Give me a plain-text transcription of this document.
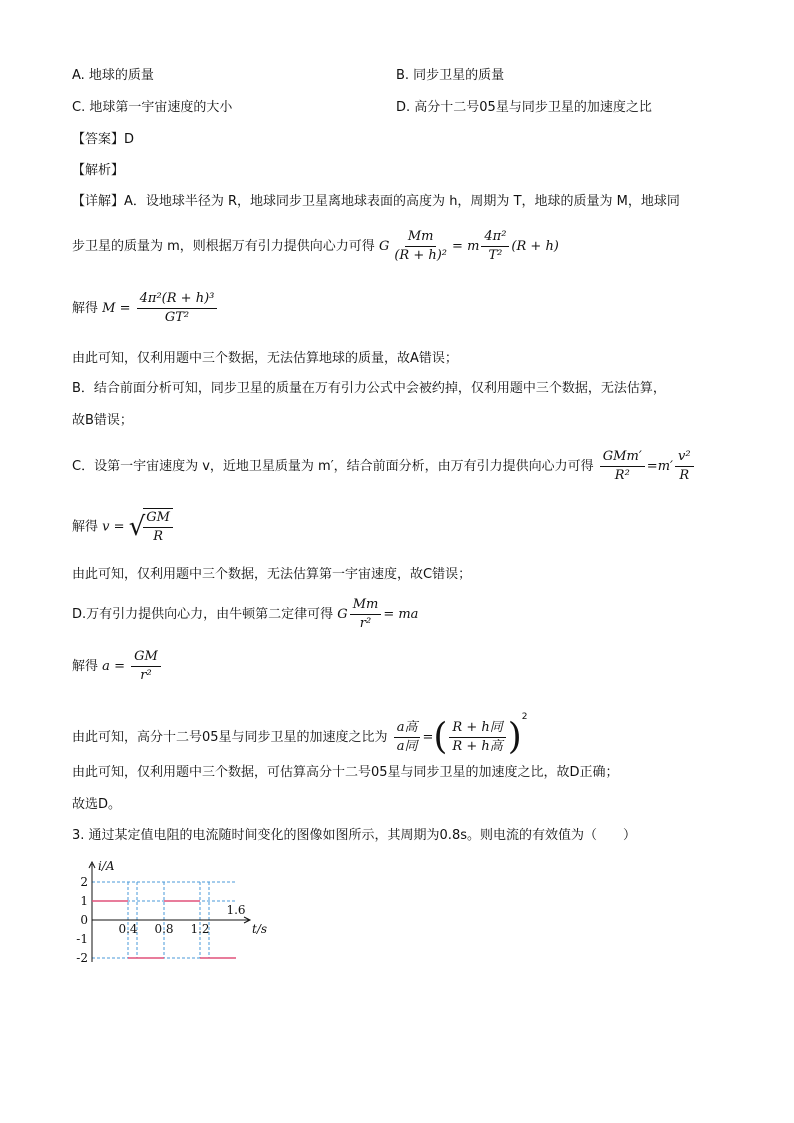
A. 地球的质量	B. 同步卫星的质量
C. 地球第一宇宙速度的大小	D. 高分十二号05星与同步卫星的加速度之比
【答案】D
【解析】
【详解】A．设地球半径为 R，地球同步卫星离地球表面的高度为 h，周期为 T，地球的质量为 M，地球同
步卫星的质量为 m，则根据万有引力提供向心力可得 G $\frac{Mm}{\text{(R + h)²}} = m \frac{\text{4π²}}{\text{T²}} (R + h)$
解得 $M = \frac{\text{4π²(R + h)³}}{\text{GT²}}$
由此可知，仅利用题中三个数据，无法估算地球的质量，故A错误；
B．结合前面分析可知，同步卫星的质量在万有引力公式中会被约掉，仅利用题中三个数据，无法估算，
故B错误；
C．设第一宇宙速度为 v，近地卫星质量为 m′，结合前面分析，由万有引力提供向心力可得 $\frac{\text{GMm′}}{\text{R²}} =m' \frac{\text{v²}}{R}$
解得 v = √
$\frac{GM}{R}$
由此可知，仅利用题中三个数据，无法估算第一宇宙速度，故C错误；
D.万有引力提供向心力，由牛顿第二定律可得 G $\frac{Mm}{\text{r²}}$ = ma
解得 $a = \frac{GM}{\text{r²}}$
由此可知，高分十二号05星与同步卫星的加速度之比为 $\frac{\text{a高}}{\text{a同}}$ =( $\frac{\text{R + h同}}{\text{R + h高}} )^2$
由此可知，仅利用题中三个数据，可估算高分十二号05星与同步卫星的加速度之比，故D正确；
故选D。
3. 通过某定值电阻的电流随时间变化的图像如图所示，其周期为0.8s。则电流的有效值为（　　）
2
1
0
-1
-2
0.4 0.8 1.2
1.6
i/A
t/s
